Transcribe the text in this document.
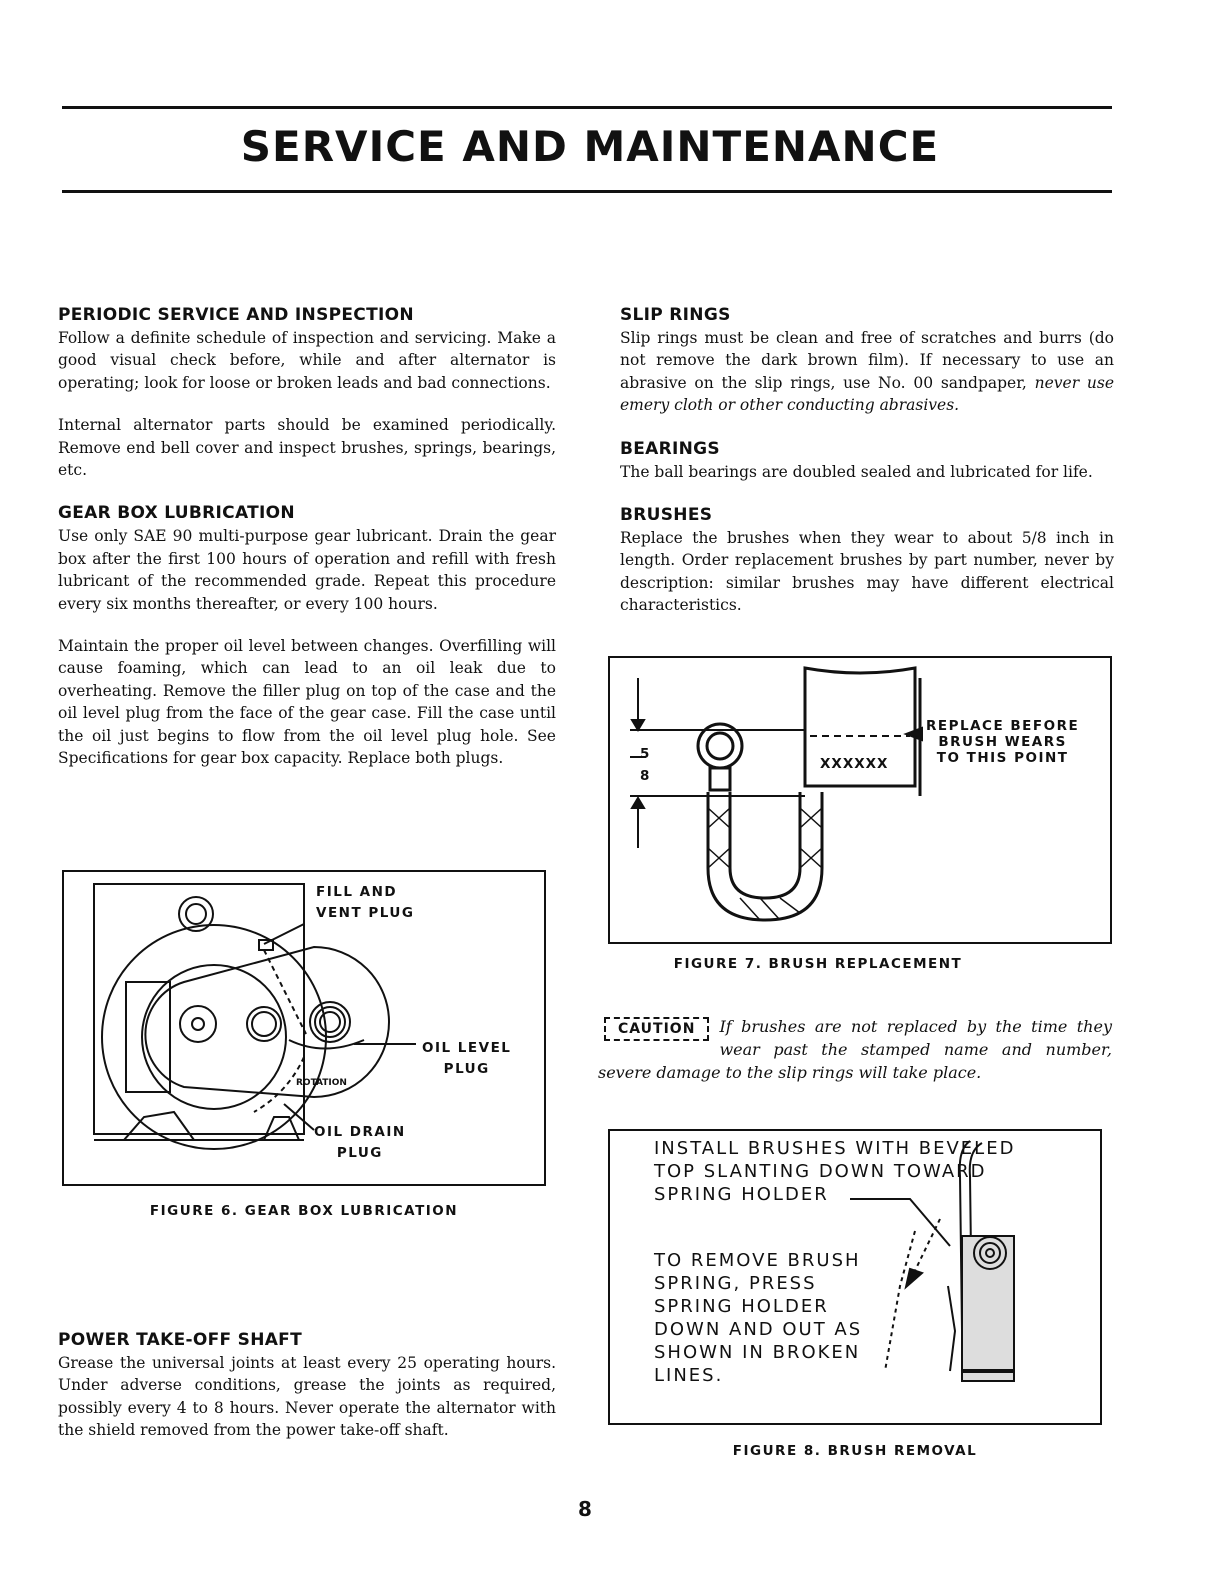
SERVICE AND MAINTENANCE
PERIODIC SERVICE AND INSPECTION

Follow a definite schedule of inspection and servicing. Make a good visual check before, while and after alternator is operating; look for loose or broken leads and bad connections.

Internal alternator parts should be examined periodically. Remove end bell cover and inspect brushes, springs, bearings, etc.

GEAR BOX LUBRICATION

Use only SAE 90 multi-purpose gear lubricant. Drain the gear box after the first 100 hours of operation and refill with fresh lubricant of the recommended grade. Repeat this procedure every six months thereafter, or every 100 hours.

Maintain the proper oil level between changes. Overfilling will cause foaming, which can lead to an oil leak due to overheating. Remove the filler plug on top of the case and the oil level plug from the face of the gear case. Fill the case until the oil just begins to flow from the oil level plug hole. See Specifications for gear box capacity. Replace both plugs.

FILL AND
VENT PLUG
OIL LEVEL
PLUG
OIL DRAIN
PLUG
ROTATION
FIGURE 6. GEAR BOX LUBRICATION
POWER TAKE-OFF SHAFT

Grease the universal joints at least every 25 operating hours. Under adverse conditions, grease the joints as required, possibly every 4 to 8 hours. Never operate the alternator with the shield removed from the power take-off shaft.

SLIP RINGS

Slip rings must be clean and free of scratches and burrs (do not remove the dark brown film). If necessary to use an abrasive on the slip rings, use No. 00 sandpaper, never use emery cloth or other conducting abrasives.

BEARINGS

The ball bearings are doubled sealed and lubricated for life.

BRUSHES

Replace the brushes when they wear to about 5/8 inch in length. Order replacement brushes by part number, never by description: similar brushes may have different electrical characteristics.

5
8
XXXXXX
REPLACE BEFORE
BRUSH WEARS
TO THIS POINT
FIGURE 7. BRUSH REPLACEMENT
CAUTION	If brushes are not replaced by the time they wear past the stamped name and number, severe damage to the slip rings will take place.

INSTALL BRUSHES WITH BEVELED
TOP SLANTING DOWN TOWARD
SPRING HOLDER
TO REMOVE BRUSH
SPRING, PRESS
SPRING HOLDER
DOWN AND OUT AS
SHOWN IN BROKEN
LINES.
FIGURE 8. BRUSH REMOVAL
8
